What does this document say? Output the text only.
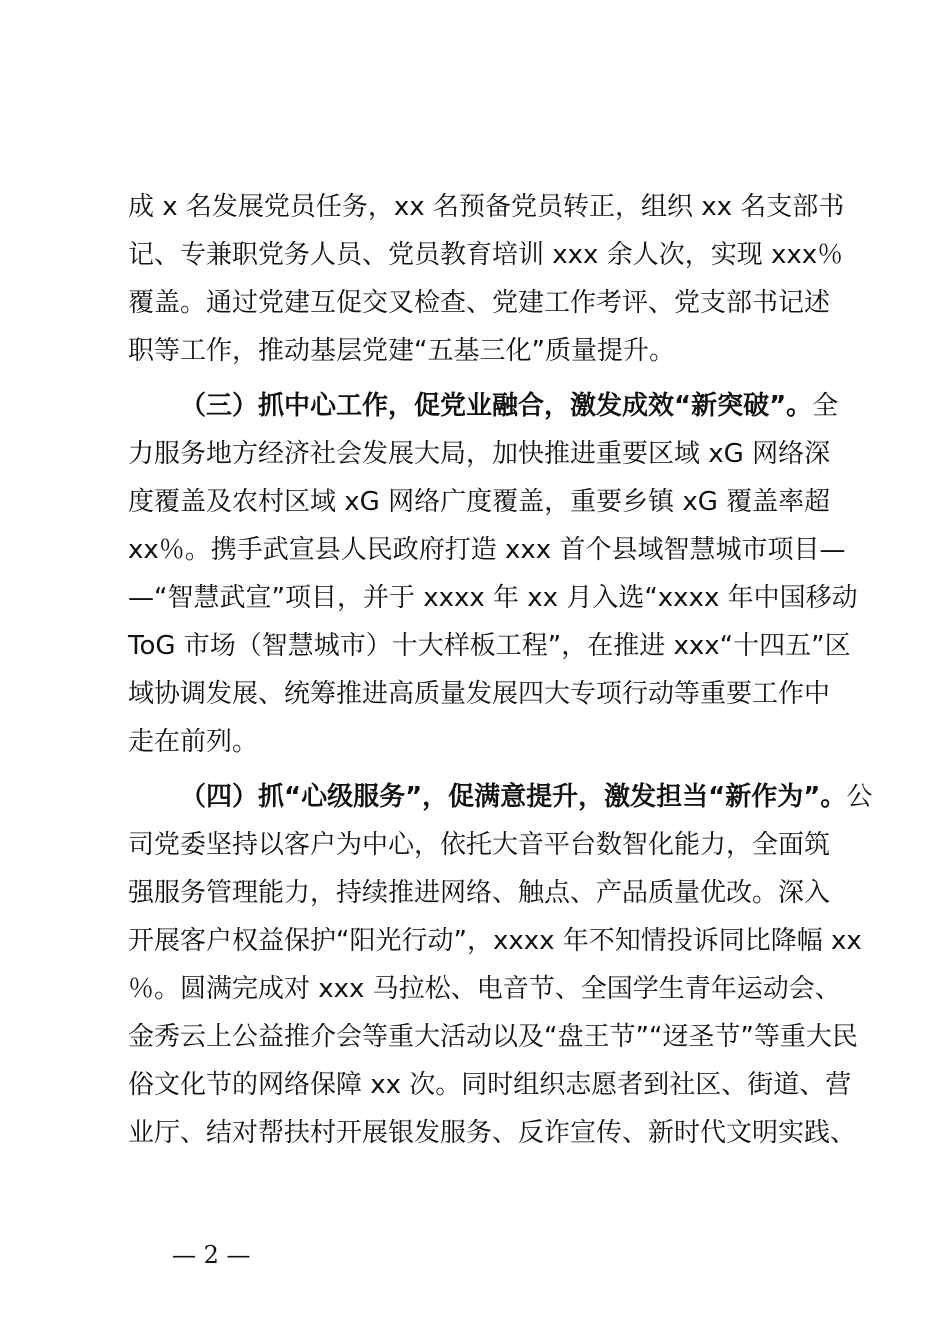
成 x 名发展党员任务，xx 名预备党员转正，组织 xx 名支部书
记、专兼职党务人员、党员教育培训 xxx 余人次，实现 xxx％
覆盖。通过党建互促交叉检查、党建工作考评、党支部书记述
职等工作，推动基层党建“五基三化”质量提升。
（三）抓中心工作，促党业融合，激发成效“新突破”。全
力服务地方经济社会发展大局，加快推进重要区域 xG 网络深
度覆盖及农村区域 xG 网络广度覆盖，重要乡镇 xG 覆盖率超
xx％。携手武宣县人民政府打造 xxx 首个县域智慧城市项目—
—“智慧武宣”项目，并于 xxxx 年 xx 月入选“xxxx 年中国移动
ToG 市场（智慧城市）十大样板工程”，在推进 xxx“十四五”区
域协调发展、统筹推进高质量发展四大专项行动等重要工作中
走在前列。
（四）抓“心级服务”，促满意提升，激发担当“新作为”。公
司党委坚持以客户为中心，依托大音平台数智化能力，全面筑
强服务管理能力，持续推进网络、触点、产品质量优改。深入
开展客户权益保护“阳光行动”，xxxx 年不知情投诉同比降幅 xx
％。圆满完成对 xxx 马拉松、电音节、全国学生青年运动会、
金秀云上公益推介会等重大活动以及“盘王节”“迓圣节”等重大民
俗文化节的网络保障 xx 次。同时组织志愿者到社区、街道、营
业厅、结对帮扶村开展银发服务、反诈宣传、新时代文明实践、
— 2 —
